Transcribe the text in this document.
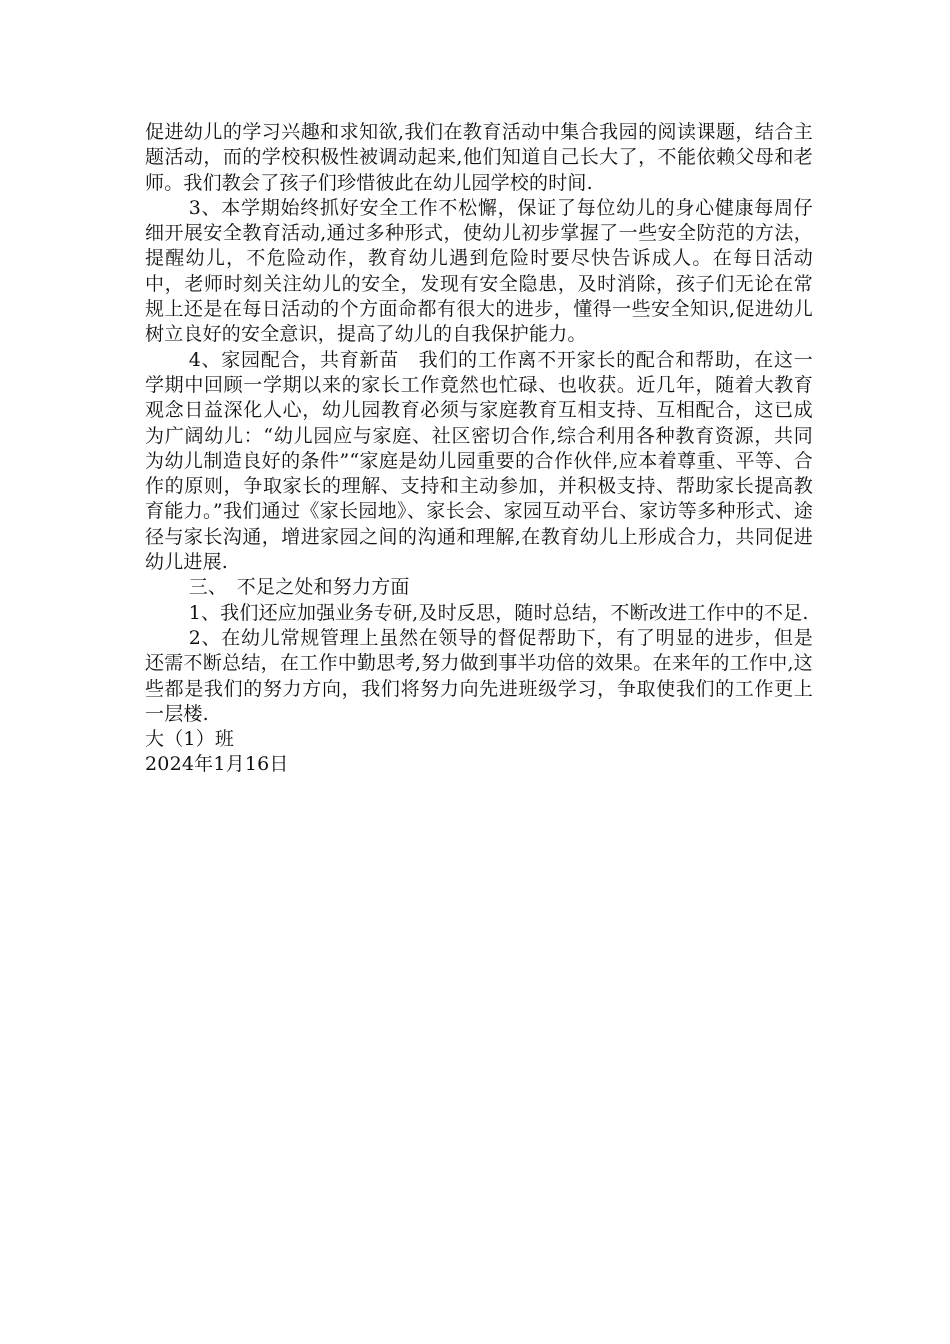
促进幼儿的学习兴趣和求知欲,我们在教育活动中集合我园的阅读课题，结合主题活动，而的学校积极性被调动起来,他们知道自己长大了，不能依赖父母和老师。我们教会了孩子们珍惜彼此在幼儿园学校的时间.

3、本学期始终抓好安全工作不松懈，保证了每位幼儿的身心健康每周仔细开展安全教育活动,通过多种形式，使幼儿初步掌握了一些安全防范的方法，提醒幼儿，不危险动作，教育幼儿遇到危险时要尽快告诉成人。在每日活动中，老师时刻关注幼儿的安全，发现有安全隐患，及时消除，孩子们无论在常规上还是在每日活动的个方面命都有很大的进步，懂得一些安全知识,促进幼儿树立良好的安全意识，提高了幼儿的自我保护能力。

4、家园配合，共育新苗　我们的工作离不开家长的配合和帮助，在这一学期中回顾一学期以来的家长工作竟然也忙碌、也收获。近几年，随着大教育观念日益深化人心，幼儿园教育必须与家庭教育互相支持、互相配合，这已成为广阔幼儿：“幼儿园应与家庭、社区密切合作,综合利用各种教育资源，共同为幼儿制造良好的条件”“家庭是幼儿园重要的合作伙伴,应本着尊重、平等、合作的原则，争取家长的理解、支持和主动参加，并积极支持、帮助家长提高教育能力。”我们通过《家长园地》、家长会、家园互动平台、家访等多种形式、途径与家长沟通，增进家园之间的沟通和理解,在教育幼儿上形成合力，共同促进幼儿进展.

三、　不足之处和努力方面

1、我们还应加强业务专研,及时反思，随时总结，不断改进工作中的不足.

2、在幼儿常规管理上虽然在领导的督促帮助下，有了明显的进步，但是还需不断总结，在工作中勤思考,努力做到事半功倍的效果。在来年的工作中,这些都是我们的努力方向，我们将努力向先进班级学习，争取使我们的工作更上一层楼.

大（1）班

2024年1月16日
